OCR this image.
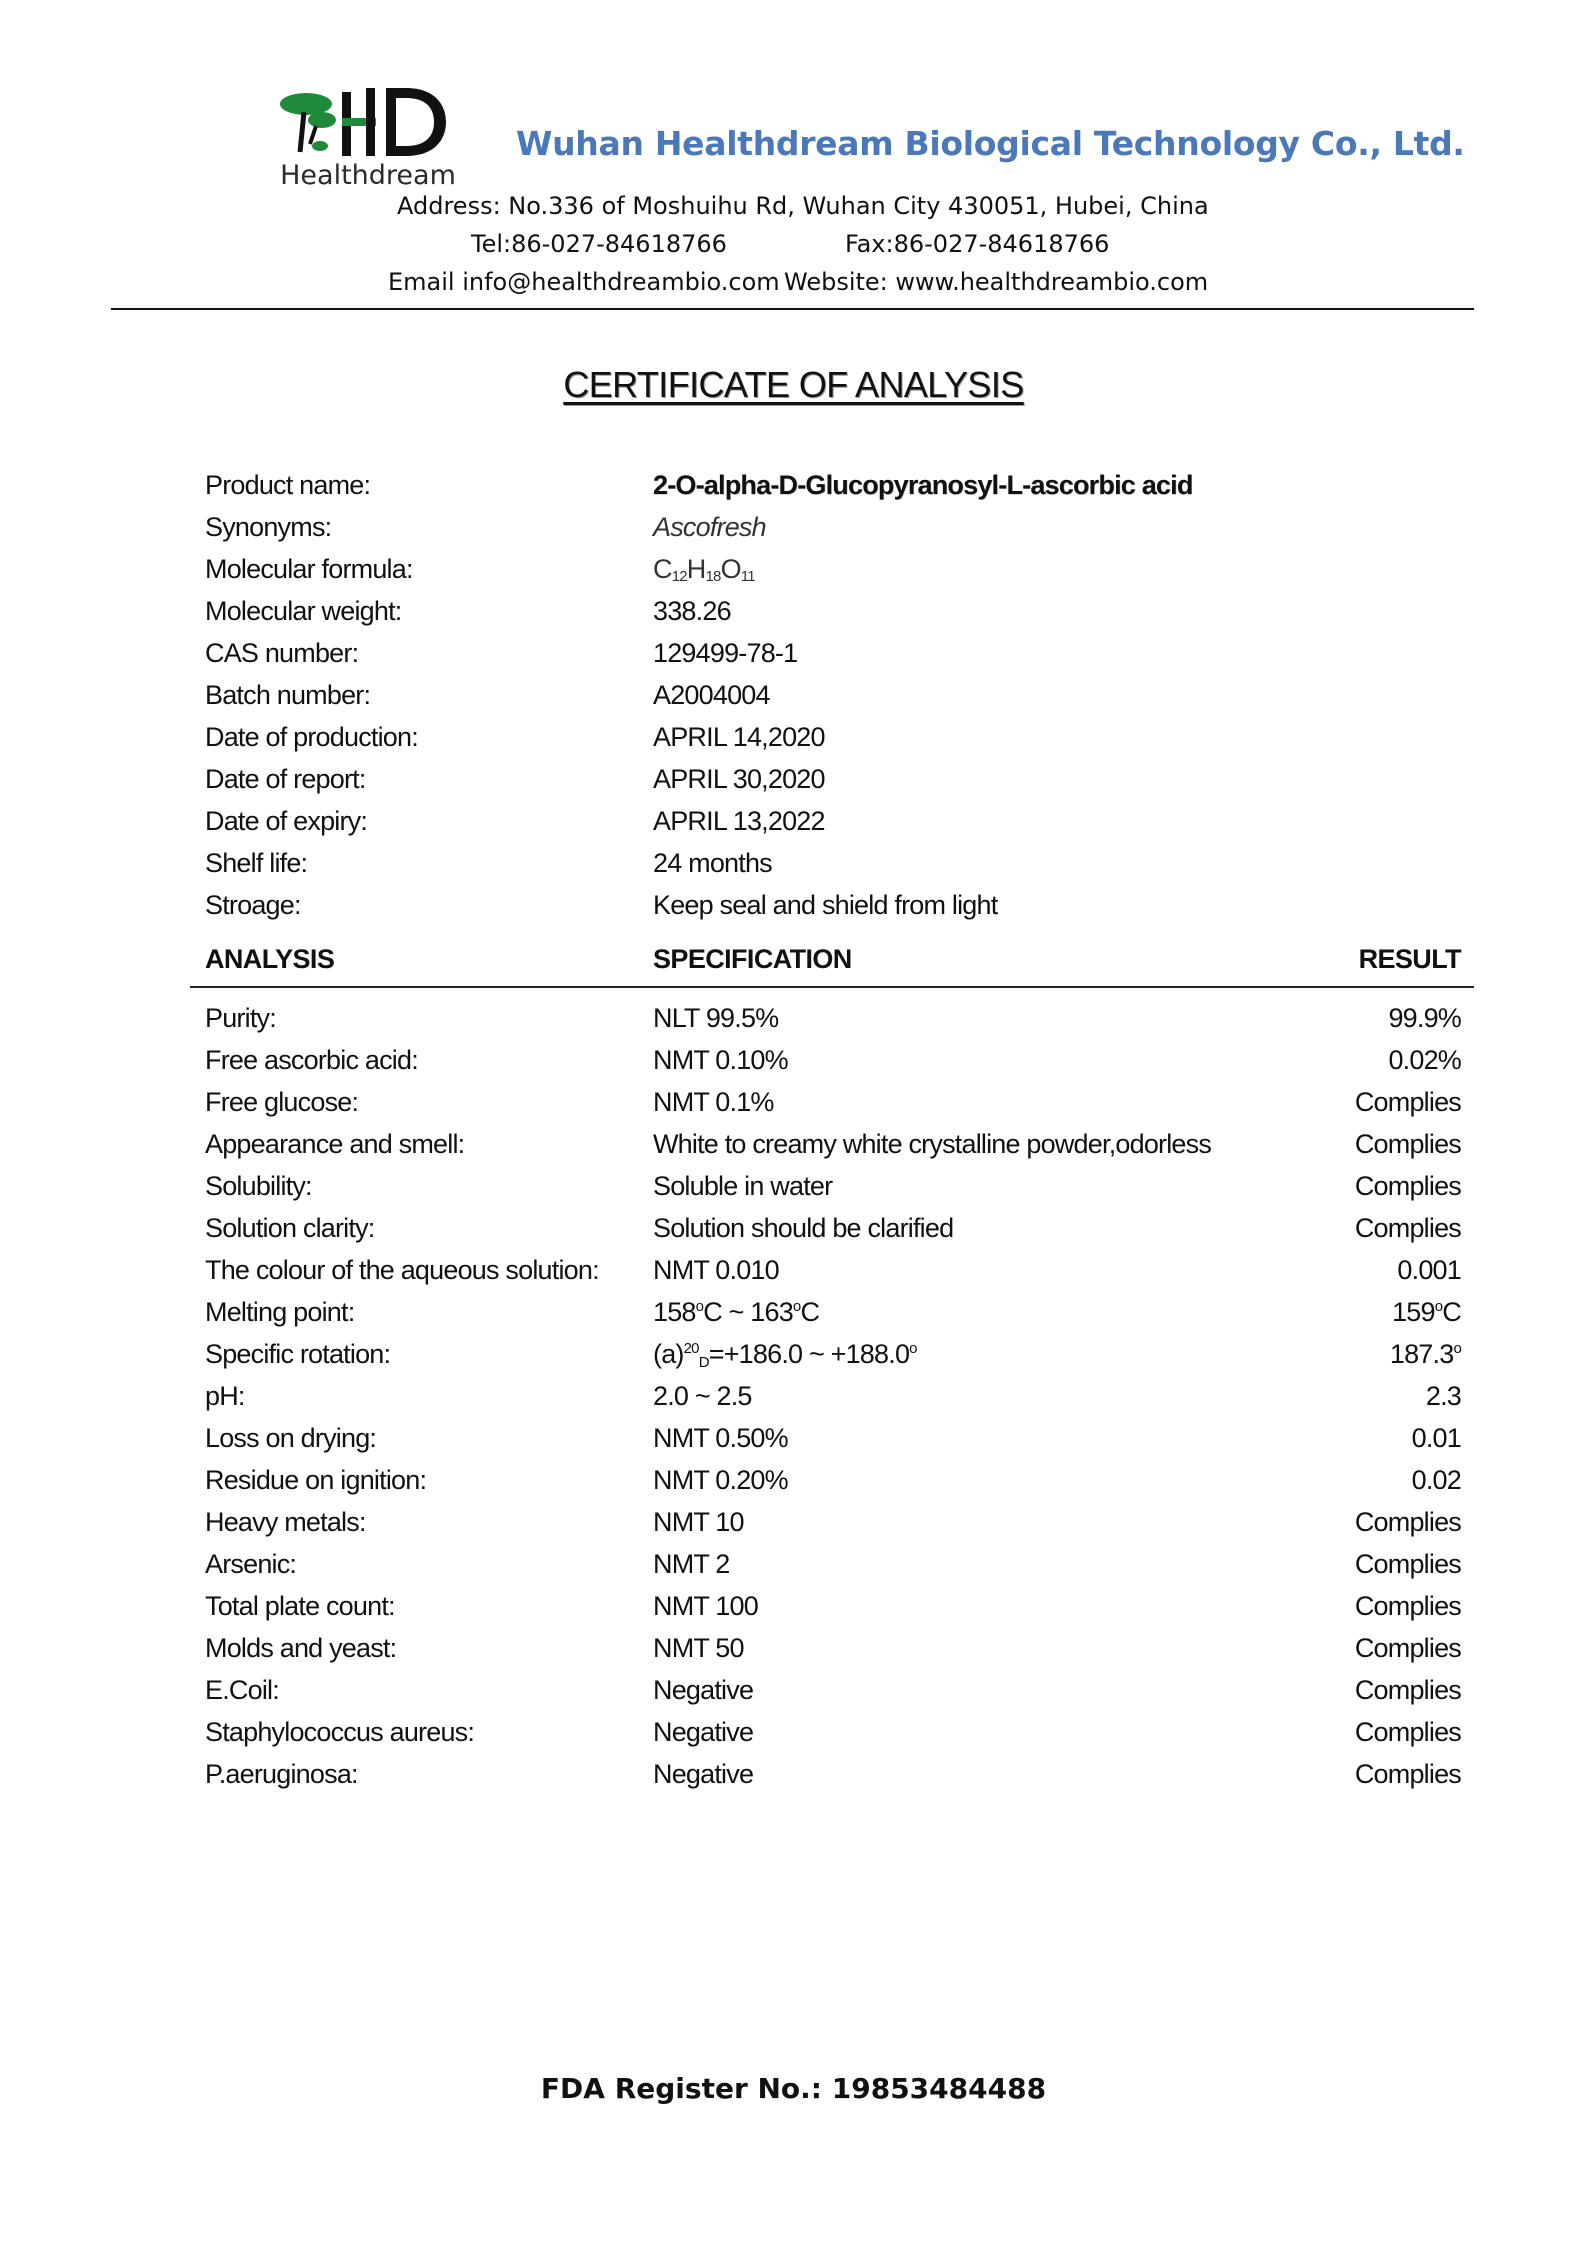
Healthdream
Wuhan Healthdream Biological Technology Co., Ltd.
Address: No.336 of Moshuihu Rd, Wuhan City 430051, Hubei, China
Tel:86-027-84618766	Fax:86-027-84618766
Email info@healthdreambio.com Website: www.healthdreambio.com
CERTIFICATE OF ANALYSIS
Product name:	2-O-alpha-D-Glucopyranosyl-L-ascorbic acid
Synonyms:	Ascofresh
Molecular formula:	$C_{12}H_{18}O_{11}$
Molecular weight:	338.26
CAS number:	129499-78-1
Batch number:	A2004004
Date of production:	APRIL 14,2020
Date of report:	APRIL 30,2020
Date of expiry:	APRIL 13,2022
Shelf life:	24 months
Strоage:	Keep seal and shield from light
ANALYSIS	SPECIFICATION	RESULT
Purity:	NLT 99.5%	99.9%
Free ascorbic acid:	NMT 0.10%	0.02%
Free glucose:	NMT 0.1%	Complies
Appearance and smell:	White to creamy white crystalline powder,odorless	Complies
Solubility:	Soluble in water	Complies
Solution clarity:	Solution should be clarified	Complies
The colour of the aqueous solution: NMT 0.010	0.001
Melting point:	158$^o$C ~ 163$^o$C	159$^o$C
Specific rotation:	$(a)^{20}_D=+186.0$ ~ $+188.0^o$	187.3$^o$
pH:	2.0 ~ 2.5	2.3
Loss on drying:	NMT 0.50%	0.01
Residue on ignition:	NMT 0.20%	0.02
Heavy metals:	NMT 10	Complies
Arsenic:	NMT 2	Complies
Total plate count:	NMT 100	Complies
Molds and yeast:	NMT 50	Complies
E.Coil:	Negative	Complies
Staphylococcus aureus:	Negative	Complies
P.aeruginosa:	Negative	Complies
FDA Register No.: 19853484488
